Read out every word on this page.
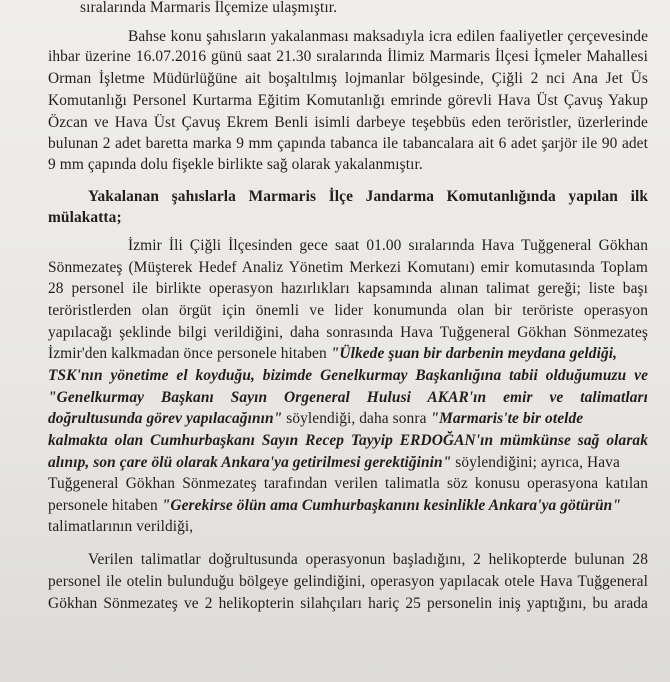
sıralarında Marmaris İlçemize ulaşmıştır.
Bahse konu şahısların yakalanması maksadıyla icra edilen faaliyetler çerçevesinde
ihbar üzerine 16.07.2016 günü saat 21.30 sıralarında İlimiz Marmaris İlçesi İçmeler Mahallesi
Orman İşletme Müdürlüğüne ait boşaltılmış lojmanlar bölgesinde, Çiğli 2 nci Ana Jet Üs
Komutanlığı Personel Kurtarma Eğitim Komutanlığı emrinde görevli Hava Üst Çavuş Yakup
Özcan ve Hava Üst Çavuş Ekrem Benli isimli darbeye teşebbüs eden teröristler, üzerlerinde
bulunan 2 adet baretta marka 9 mm çapında tabanca ile tabancalara ait 6 adet şarjör ile 90 adet
9 mm çapında dolu fişekle birlikte sağ olarak yakalanmıştır.
Yakalanan şahıslarla Marmaris İlçe Jandarma Komutanlığında yapılan ilk
mülakatta;
İzmir İli Çiğli İlçesinden gece saat 01.00 sıralarında Hava Tuğgeneral Gökhan
Sönmezateş (Müşterek Hedef Analiz Yönetim Merkezi Komutanı) emir komutasında Toplam
28 personel ile birlikte operasyon hazırlıkları kapsamında alınan talimat gereği; liste başı
teröristlerden olan örgüt için önemli ve lider konumunda olan bir teröriste operasyon
yapılacağı şeklinde bilgi verildiğini, daha sonrasında Hava Tuğgeneral Gökhan Sönmezateş
İzmir'den kalkmadan önce personele hitaben "Ülkede şuan bir darbenin meydana geldiği,
TSK'nın yönetime el koyduğu, bizimde Genelkurmay Başkanlığına tabii olduğumuzu ve
"Genelkurmay Başkanı Sayın Orgeneral Hulusi AKAR'ın emir ve talimatları
doğrultusunda görev yapılacağının" söylendiği, daha sonra "Marmaris'te bir otelde
kalmakta olan Cumhurbaşkanı Sayın Recep Tayyip ERDOĞAN'ın mümkünse sağ olarak
alınıp, son çare ölü olarak Ankara'ya getirilmesi gerektiğinin" söylendiğini; ayrıca, Hava
Tuğgeneral Gökhan Sönmezateş tarafından verilen talimatla söz konusu operasyona katılan
personele hitaben "Gerekirse ölün ama Cumhurbaşkanını kesinlikle Ankara'ya götürün"
talimatlarının verildiği,
Verilen talimatlar doğrultusunda operasyonun başladığını, 2 helikopterde bulunan 28
personel ile otelin bulunduğu bölgeye gelindiğini, operasyon yapılacak otele Hava Tuğgeneral
Gökhan Sönmezateş ve 2 helikopterin silahçıları hariç 25 personelin iniş yaptığını, bu arada
